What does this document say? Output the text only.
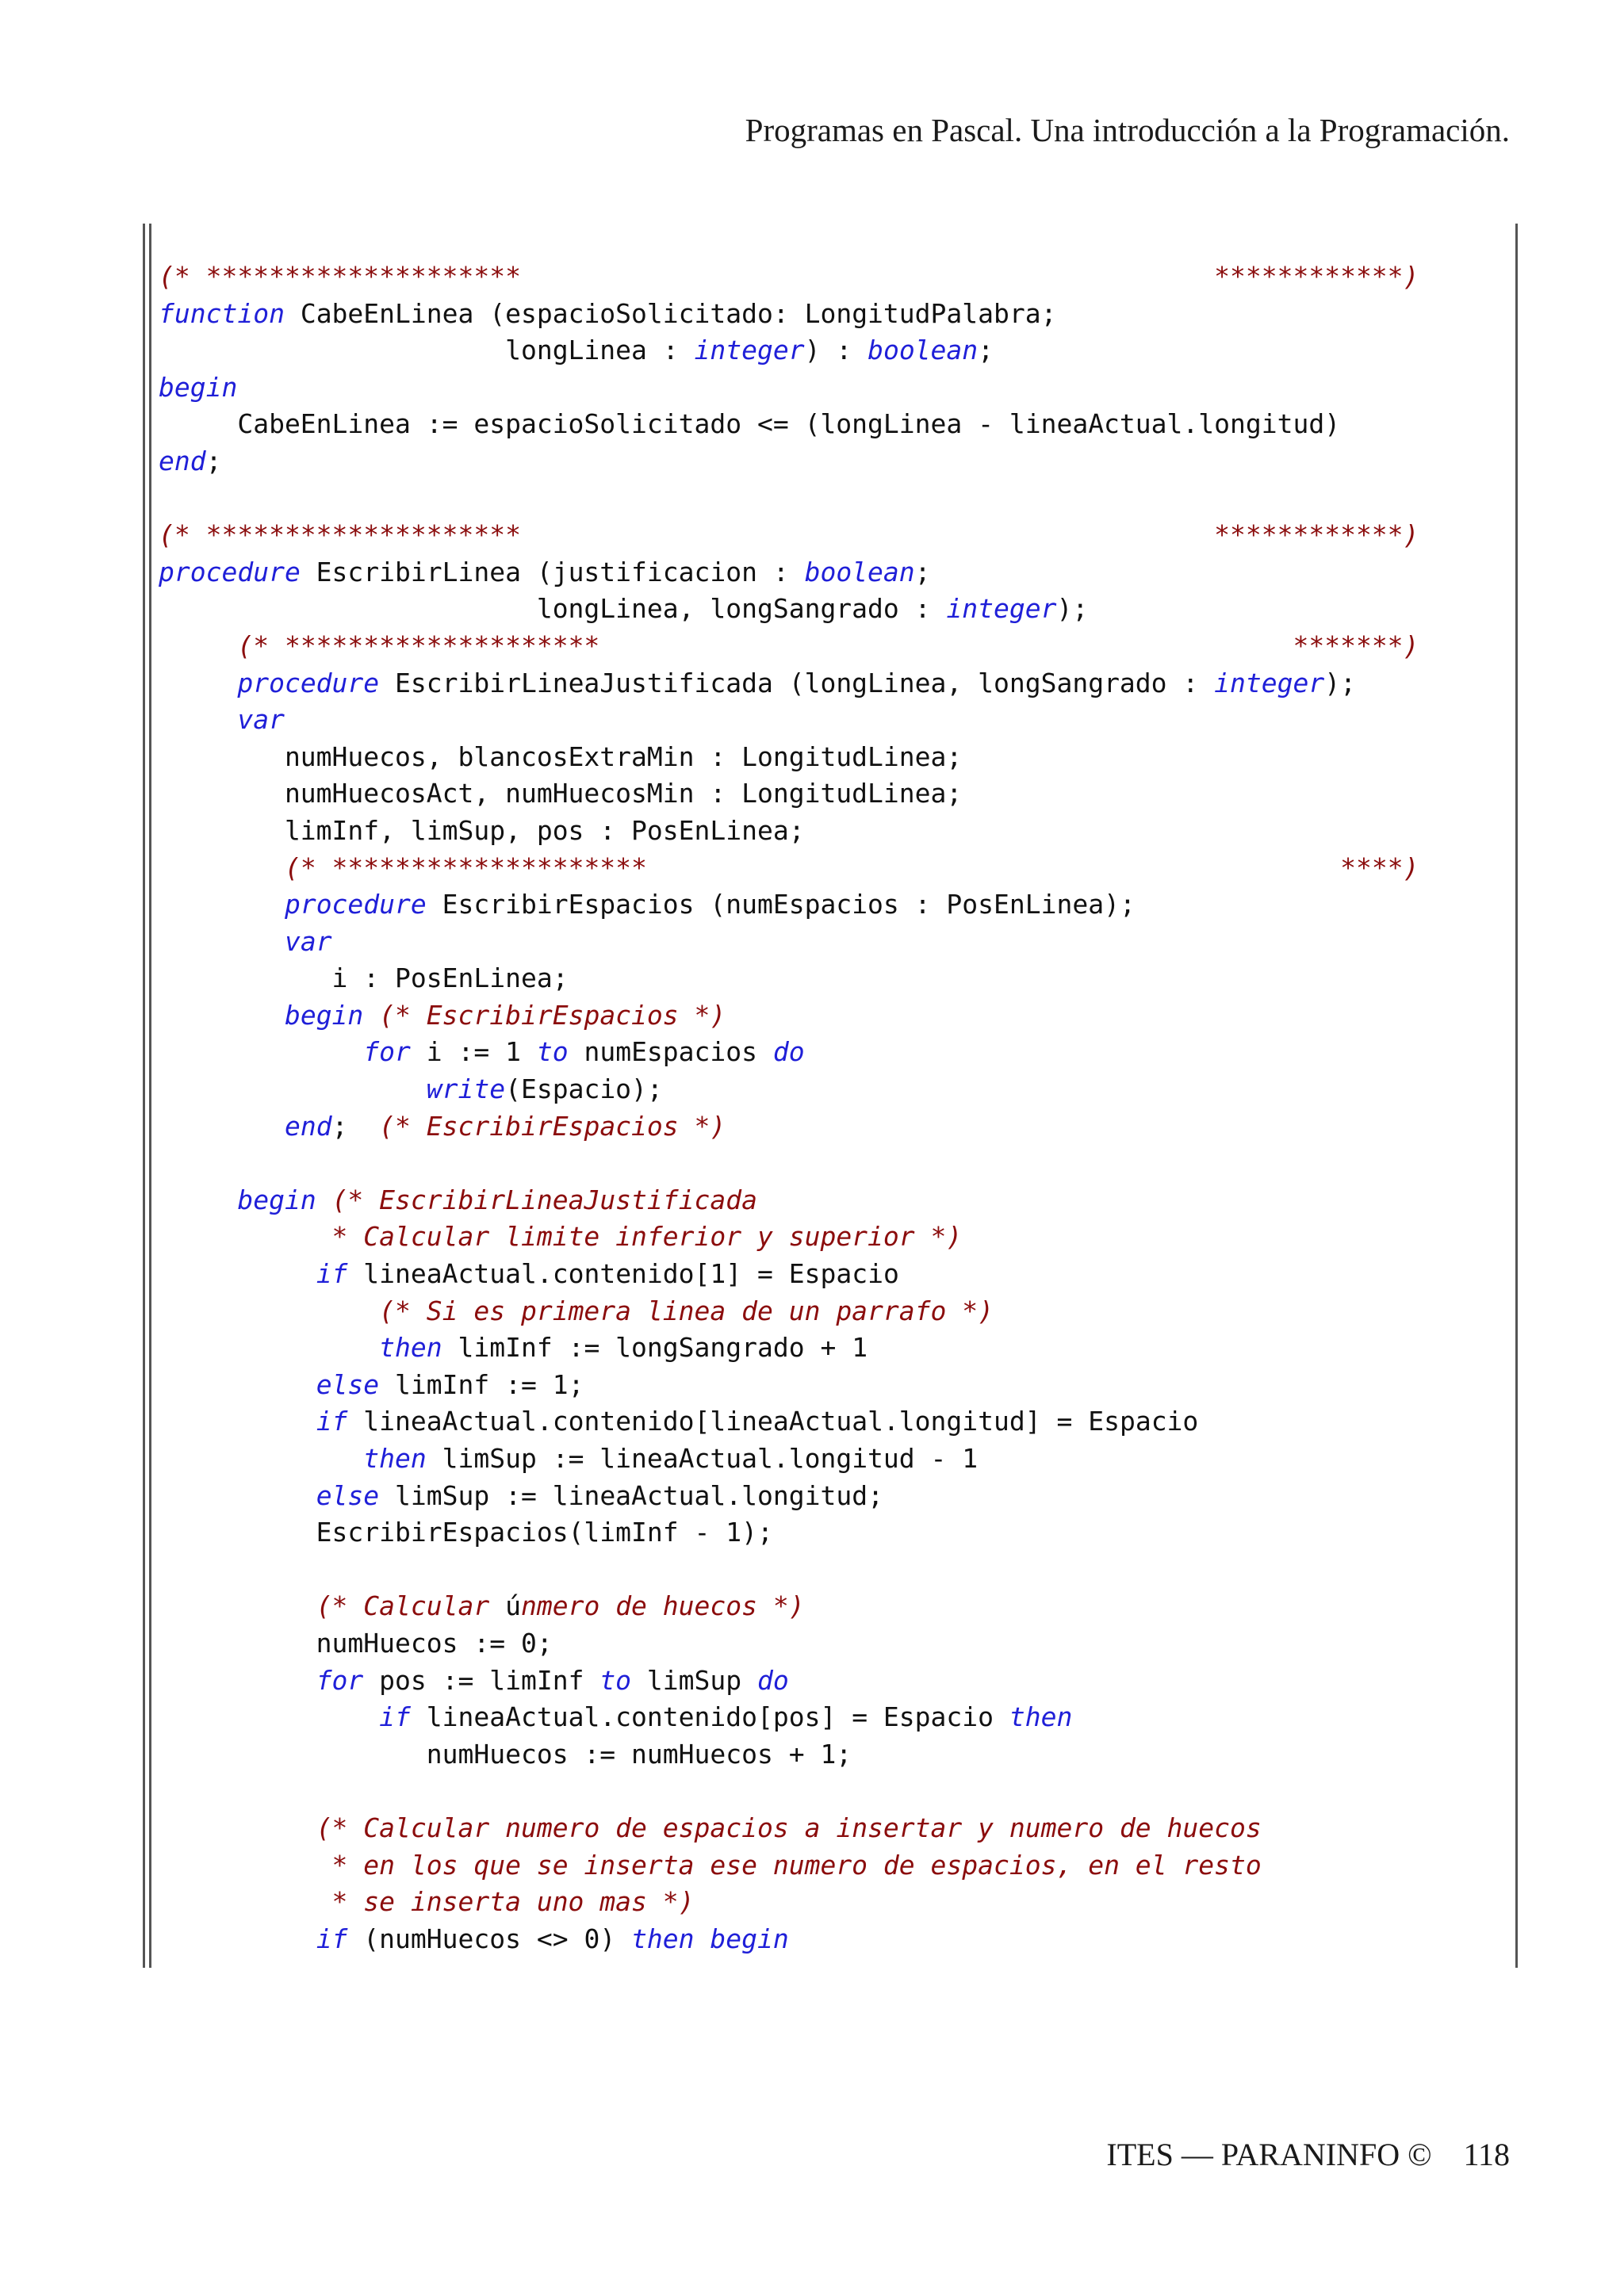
Programas en Pascal. Una introducción a la Programación.
(* ********************                                            ************)
function CabeEnLinea (espacioSolicitado: LongitudPalabra;
longLinea : integer) : boolean;
begin
CabeEnLinea := espacioSolicitado <= (longLinea - lineaActual.longitud)
end;
(* ********************                                            ************)
procedure EscribirLinea (justificacion : boolean;
longLinea, longSangrado : integer);
(* ********************                                            *******)
procedure EscribirLineaJustificada (longLinea, longSangrado : integer);
var
numHuecos, blancosExtraMin : LongitudLinea;
numHuecosAct, numHuecosMin : LongitudLinea;
limInf, limSup, pos : PosEnLinea;
(* ********************                                            ****)
procedure EscribirEspacios (numEspacios : PosEnLinea);
var
i : PosEnLinea;
begin (* EscribirEspacios *)
for i := 1 to numEspacios do
write(Espacio);
end;  (* EscribirEspacios *)
begin (* EscribirLineaJustificada
* Calcular limite inferior y superior *)
if lineaActual.contenido[1] = Espacio
(* Si es primera linea de un parrafo *)
then limInf := longSangrado + 1
else limInf := 1;
if lineaActual.contenido[lineaActual.longitud] = Espacio
then limSup := lineaActual.longitud - 1
else limSup := lineaActual.longitud;
EscribirEspacios(limInf - 1);
(* Calcular únmero de huecos *)
numHuecos := 0;
for pos := limInf to limSup do
if lineaActual.contenido[pos] = Espacio then
numHuecos := numHuecos + 1;
(* Calcular numero de espacios a insertar y numero de huecos
* en los que se inserta ese numero de espacios, en el resto
* se inserta uno mas *)
if (numHuecos <> 0) then begin
ITES — PARANINFO © 118
